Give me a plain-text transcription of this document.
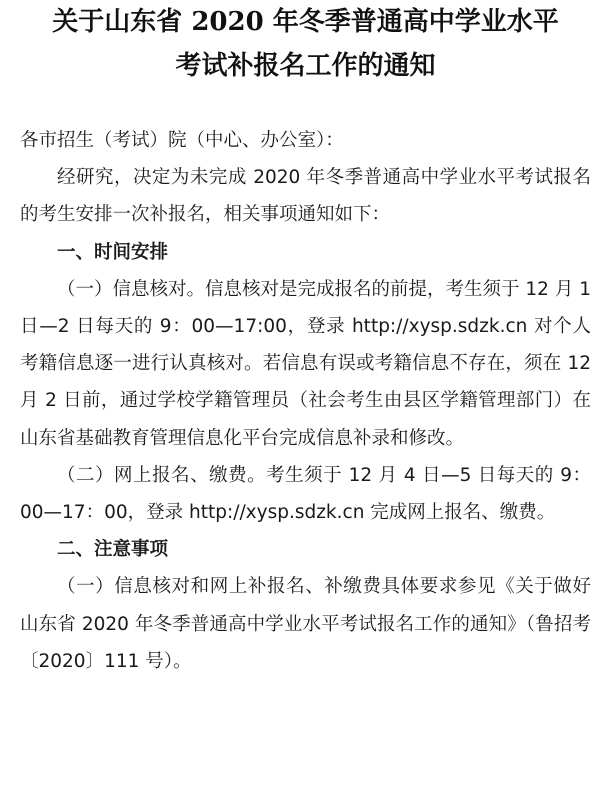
关于山东省 2020 年冬季普通高中学业水平
考试补报名工作的通知

各市招生（考试）院（中心、办公室）：

经研究，决定为未完成 2020 年冬季普通高中学业水平考试报名的考生安排一次补报名，相关事项通知如下：

一、时间安排

（一）信息核对。信息核对是完成报名的前提，考生须于 12 月 1 日—2 日每天的 9：00—17:00，登录 http://xysp.sdzk.cn 对个人考籍信息逐一进行认真核对。若信息有误或考籍信息不存在，须在 12 月 2 日前，通过学校学籍管理员（社会考生由县区学籍管理部门）在山东省基础教育管理信息化平台完成信息补录和修改。

（二）网上报名、缴费。考生须于 12 月 4 日—5 日每天的 9：00—17：00，登录 http://xysp.sdzk.cn 完成网上报名、缴费。

二、注意事项

（一）信息核对和网上补报名、补缴费具体要求参见《关于做好山东省 2020 年冬季普通高中学业水平考试报名工作的通知》（鲁招考〔2020〕111 号）。
